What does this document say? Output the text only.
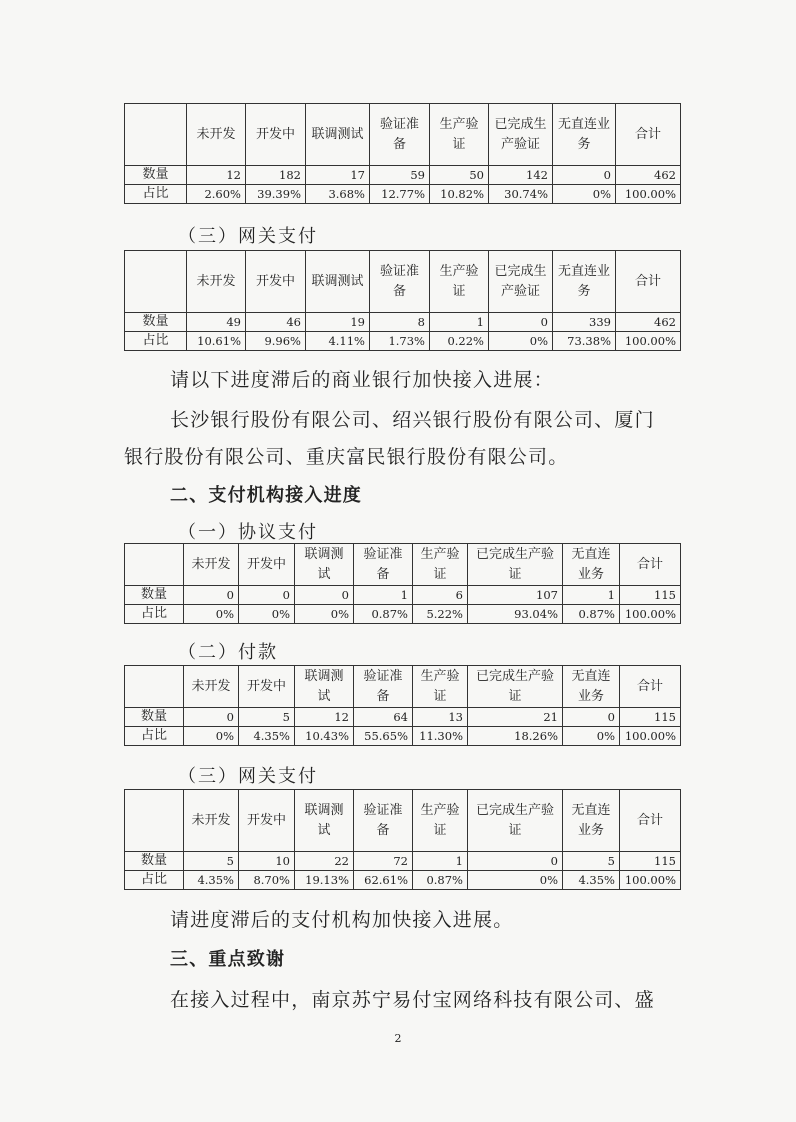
	未开发	开发中	联调测试	验证准备	生产验证	已完成生产验证	无直连业务	合计
数量	12	182	17	59	50	142	0	462
占比	2.60%	39.39%	3.68%	12.77%	10.82%	30.74%	0%	100.00%
（三）网关支付
	未开发	开发中	联调测试	验证准备	生产验证	已完成生产验证	无直连业务	合计
数量	49	46	19	8	1	0	339	462
占比	10.61%	9.96%	4.11%	1.73%	0.22%	0%	73.38%	100.00%
请以下进度滞后的商业银行加快接入进展：
长沙银行股份有限公司、绍兴银行股份有限公司、厦门
银行股份有限公司、重庆富民银行股份有限公司。
二、支付机构接入进度
（一）协议支付
	未开发	开发中	联调测试	验证准备	生产验证	已完成生产验证	无直连业务	合计
数量	0	0	0	1	6	107	1	115
占比	0%	0%	0%	0.87%	5.22%	93.04%	0.87%	100.00%
（二）付款
	未开发	开发中	联调测试	验证准备	生产验证	已完成生产验证	无直连业务	合计
数量	0	5	12	64	13	21	0	115
占比	0%	4.35%	10.43%	55.65%	11.30%	18.26%	0%	100.00%
（三）网关支付
	未开发	开发中	联调测试	验证准备	生产验证	已完成生产验证	无直连业务	合计
数量	5	10	22	72	1	0	5	115
占比	4.35%	8.70%	19.13%	62.61%	0.87%	0%	4.35%	100.00%
请进度滞后的支付机构加快接入进展。
三、重点致谢
在接入过程中，南京苏宁易付宝网络科技有限公司、盛
2
